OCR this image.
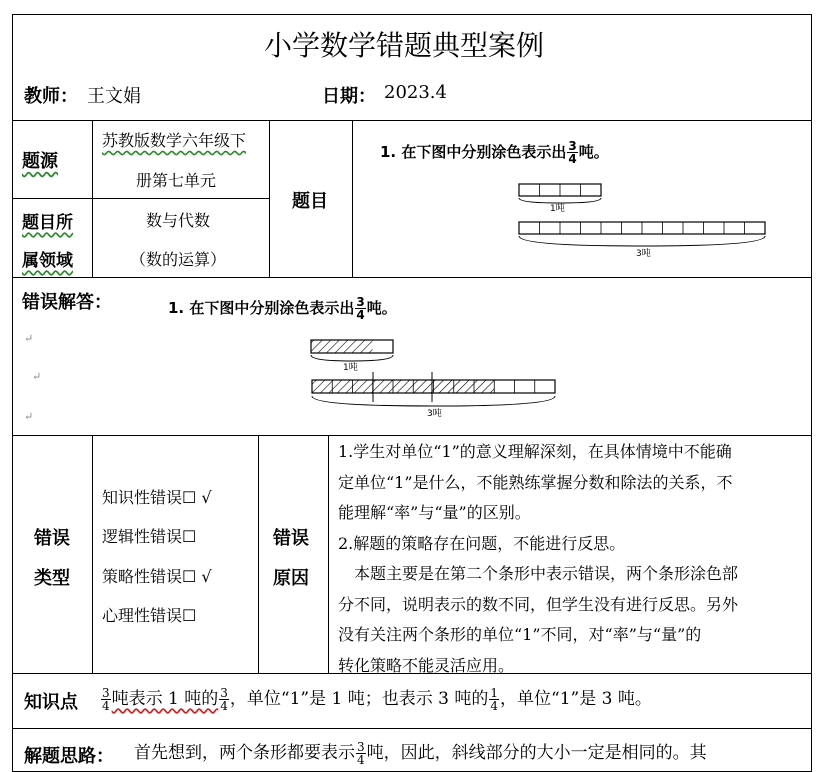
小学数学错题典型案例
教师： 王文娟	日期： 2023.4
题源
苏教版数学六年级下
册第七单元
题目所
属领域
数与代数
（数的运算）
题目
1. 在下图中分别涂色表示出 $\frac{3}{4}$ 吨。
1吨
3吨
错误解答：	1. 在下图中分别涂色表示出 $\frac{3}{4}$ 吨。
↵
↵
↵
1吨
3吨
错误
类型
知识性错误☐ √
逻辑性错误☐
策略性错误☐ √
心理性错误☐
错误
原因
1.学生对单位“1”的意义理解深刻，在具体情境中不能确
定单位“1”是什么，不能熟练掌握分数和除法的关系，不
能理解“率”与“量”的区别。
2.解题的策略存在问题，不能进行反思。
　本题主要是在第二个条形中表示错误，两个条形涂色部
分不同，说明表示的数不同，但学生没有进行反思。另外
没有关注两个条形的单位“1”不同，对“率”与“量”的
转化策略不能灵活应用。
知识点 $\frac{3}{4}$ 吨表示 1 吨的 $\frac{3}{4}$ ，单位“1”是 1 吨；也表示 3 吨的 $\frac{1}{4}$ ，单位“1”是 3 吨。
解题思路： 首先想到，两个条形都要表示 $\frac{3}{4}$ 吨，因此，斜线部分的大小一定是相同的。其
